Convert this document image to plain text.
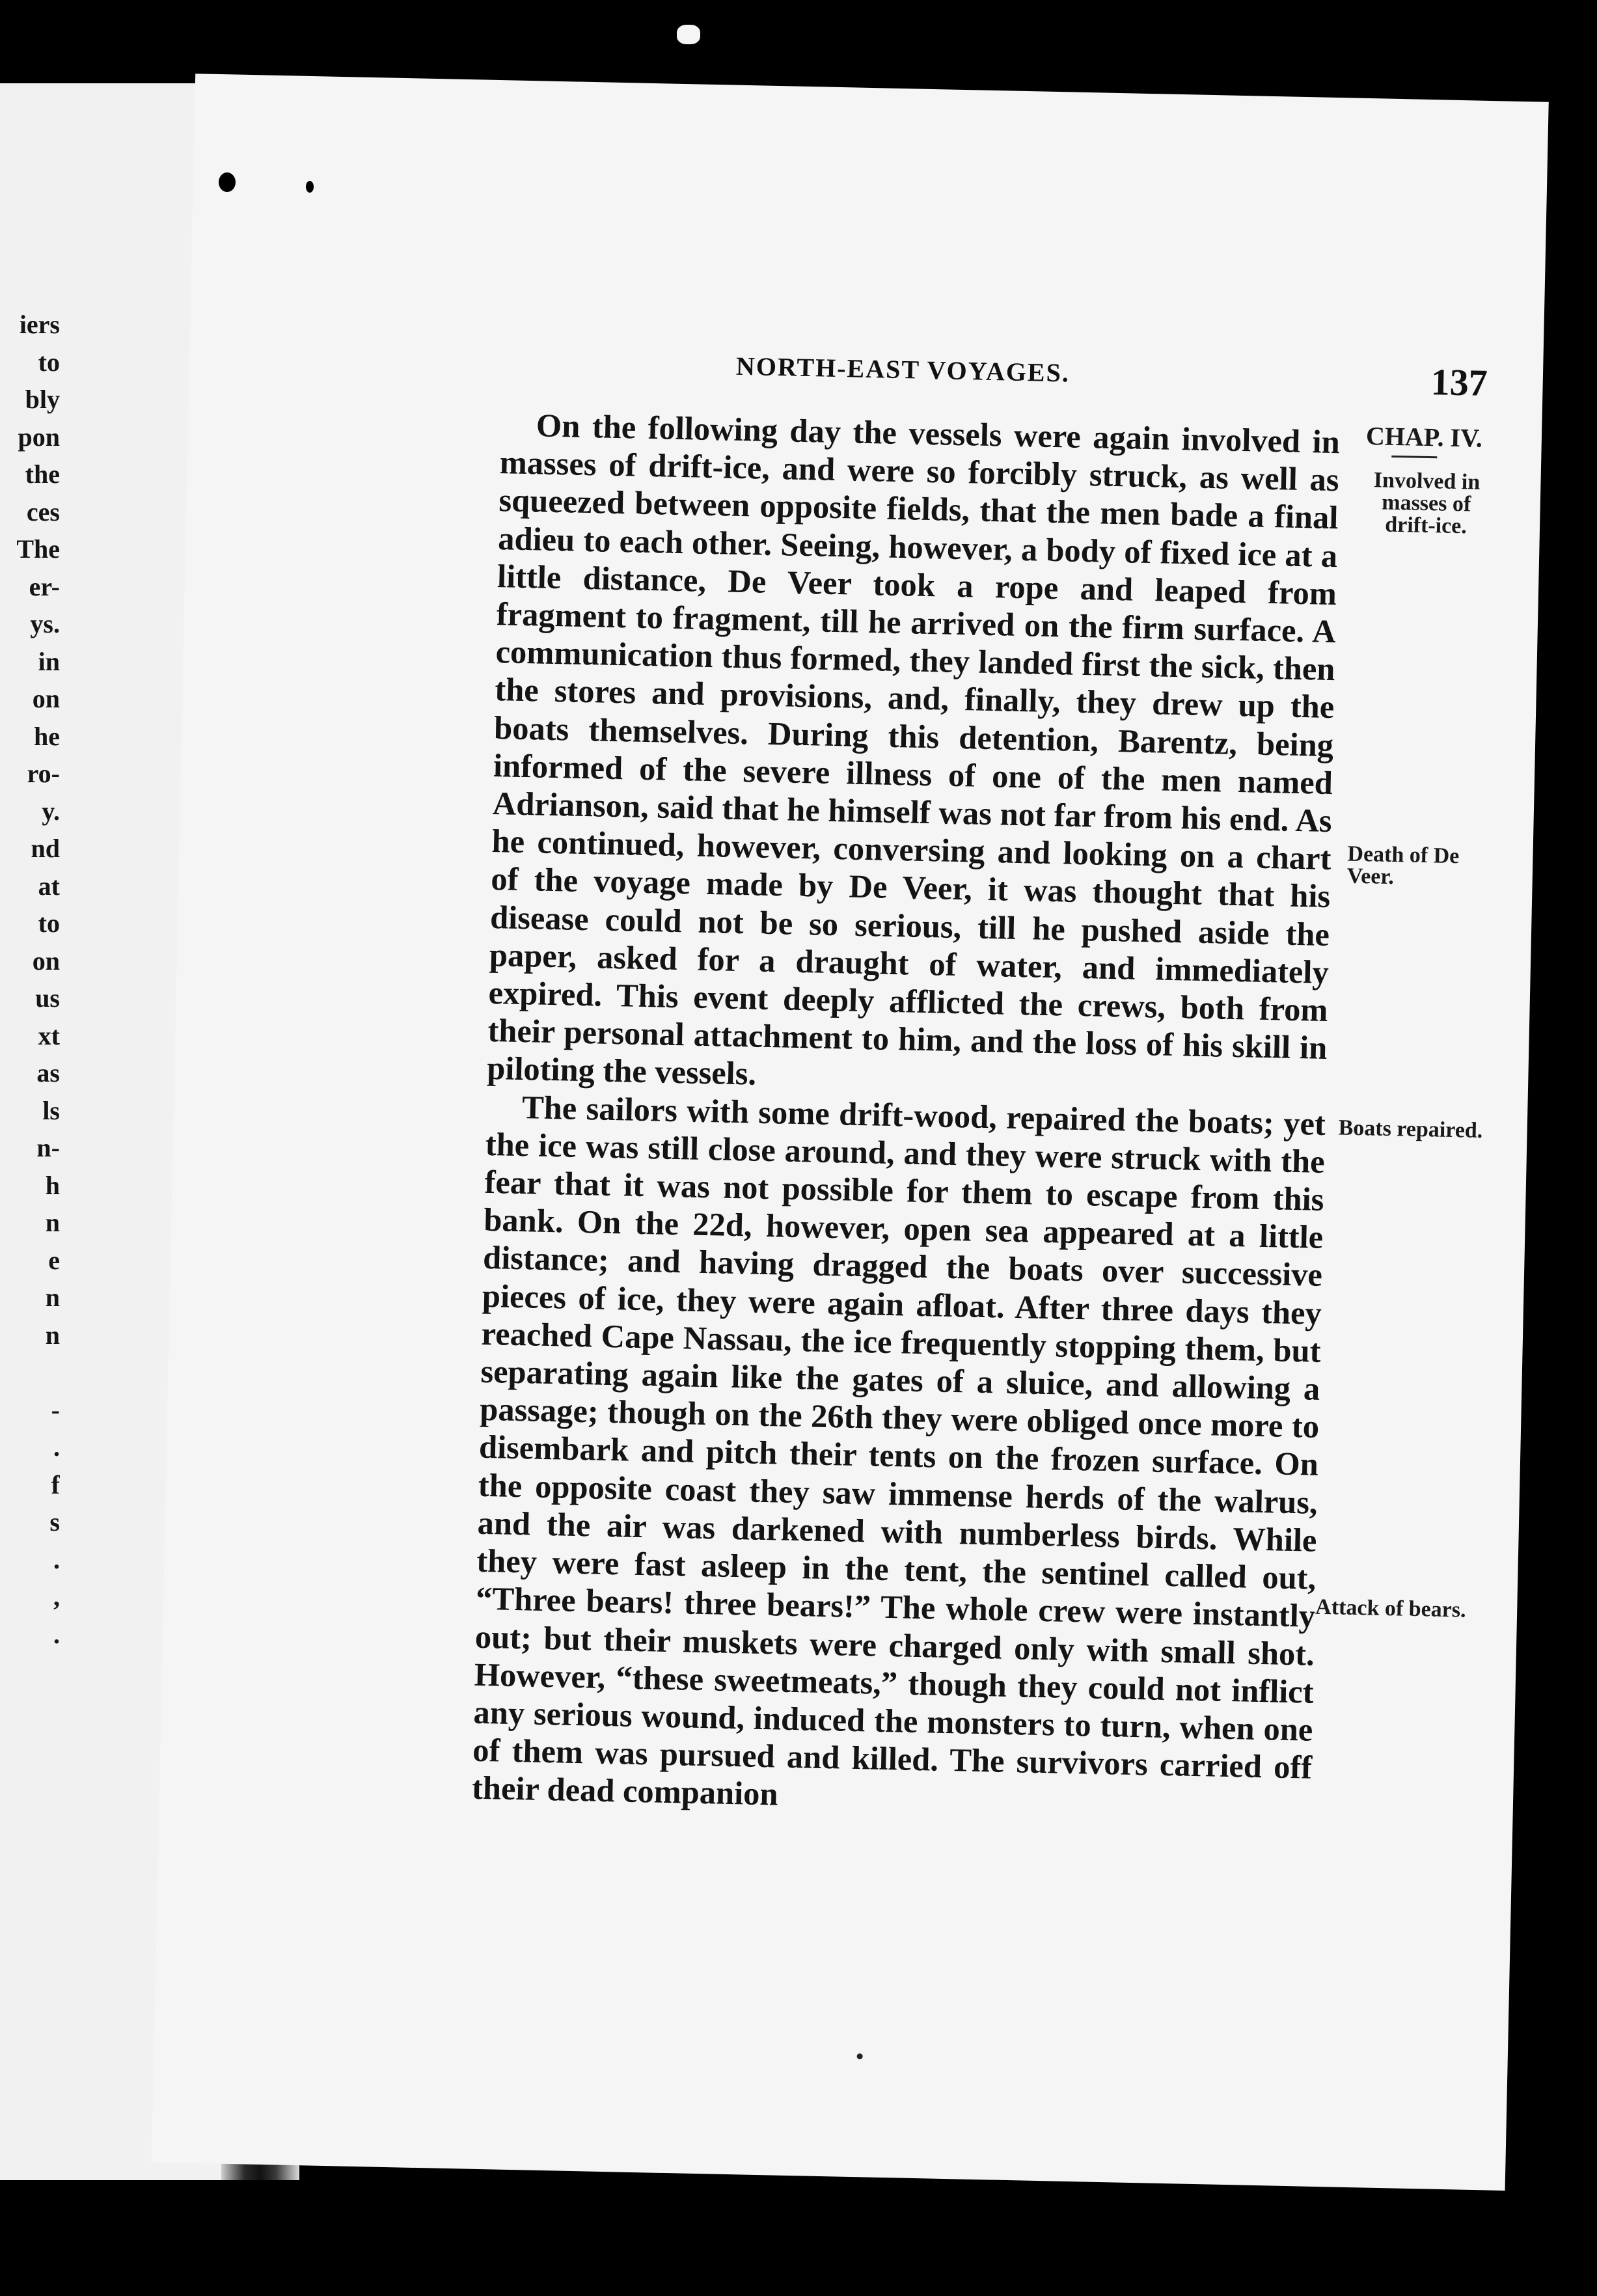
iers
to
bly
pon
the
ces
The
er-
ys.
in
on
he
ro-
y.
nd
at
to
on
us
xt
as
ls
n-
h
n
e
n
n
-
.
f
s
.
,
.
NORTH-EAST VOYAGES.	137

On the following day the vessels were again involved in masses of drift-ice, and were so forcibly struck, as well as squeezed between opposite fields, that the men bade a final adieu to each other. Seeing, however, a body of fixed ice at a little distance, De Veer took a rope and leaped from fragment to fragment, till he arrived on the firm surface. A communication thus formed, they landed first the sick, then the stores and provisions, and, finally, they drew up the boats themselves. During this detention, Barentz, being informed of the severe illness of one of the men named Adrianson, said that he himself was not far from his end. As he continued, however, conversing and looking on a chart of the voyage made by De Veer, it was thought that his disease could not be so serious, till he pushed aside the paper, asked for a draught of water, and immediately expired. This event deeply afflicted the crews, both from their personal attachment to him, and the loss of his skill in piloting the vessels.

The sailors with some drift-wood, repaired the boats; yet the ice was still close around, and they were struck with the fear that it was not possible for them to escape from this bank. On the 22d, however, open sea appeared at a little distance; and having dragged the boats over successive pieces of ice, they were again afloat. After three days they reached Cape Nassau, the ice frequently stopping them, but separating again like the gates of a sluice, and allowing a passage; though on the 26th they were obliged once more to disembark and pitch their tents on the frozen surface. On the opposite coast they saw immense herds of the walrus, and the air was darkened with numberless birds. While they were fast asleep in the tent, the sentinel called out, “Three bears! three bears!” The whole crew were instantly out; but their muskets were charged only with small shot. However, “these sweetmeats,” though they could not inflict any serious wound, induced the monsters to turn, when one of them was pursued and killed. The survivors carried off their dead companion

CHAP. IV.
Involved in masses of drift-ice.
Death of De Veer.
Boats repaired.
Attack of bears.
